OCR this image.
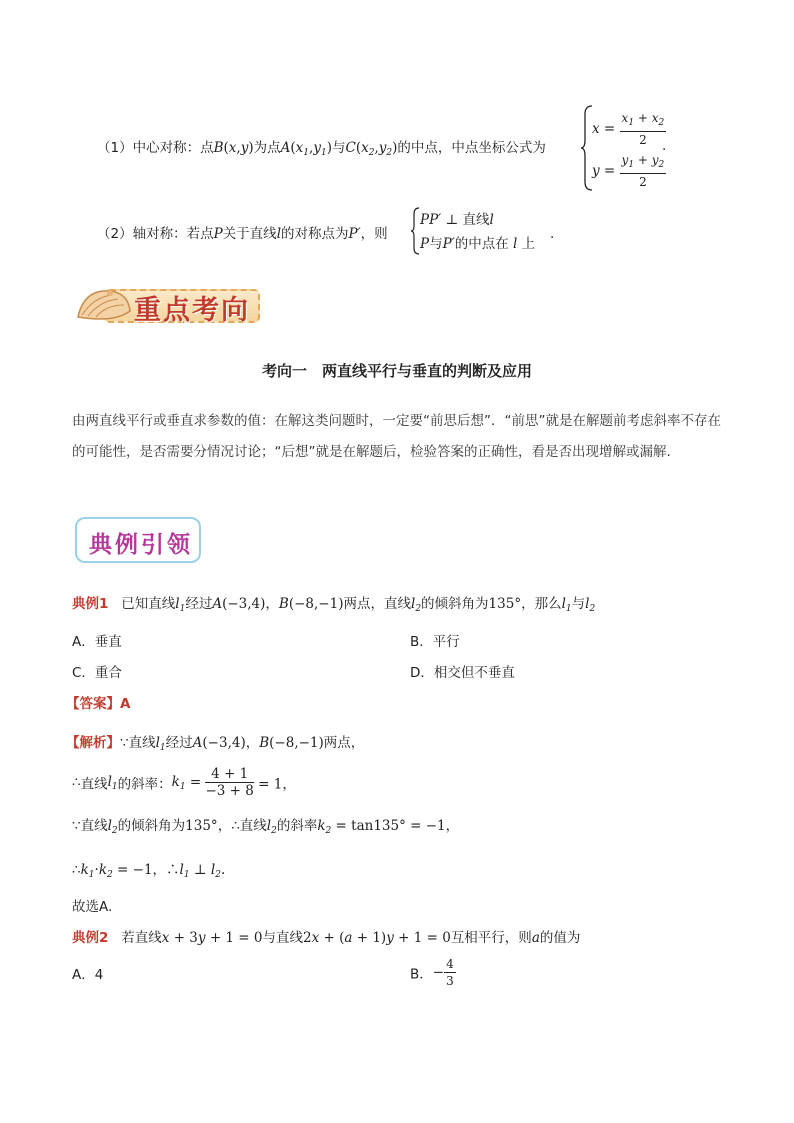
（1）中心对称：点B(x,y)为点$A(x_1,y_1)$与$C(x_2,y_2)$的中点，中点坐标公式为
$x = \frac{x_1 + x_2}{2}$
$y = \frac{y_1 + y_2}{2}$
.
（2）轴对称：若点P关于直线l的对称点为P′，则
PP′ ⊥ 直线l
P与P′的中点在 l 上
.
重点考向
考向一　两直线平行与垂直的判断及应用
由两直线平行或垂直求参数的值：在解这类问题时，一定要“前思后想”．“前思”就是在解题前考虑斜率不存在的可能性，是否需要分情况讨论；“后想”就是在解题后，检验答案的正确性，看是否出现增解或漏解.
典例引领
典例1 已知直线$l_1$经过A(−3,4)，B(−8,−1)两点，直线$l_2$的倾斜角为135°，那么$l_1$与$l_2$
A．垂直	B．平行
C．重合	D．相交但不垂直
【答案】A
【解析】∵直线$l_1$经过A(−3,4)，B(−8,−1)两点，
∴直线$l_1$的斜率：$k_1 = \frac{4 + 1}{-3 + 8} = 1$，
∵直线$l_2$的倾斜角为135°，∴直线$l_2$的斜率$k_2 = \tan 135^\circ = -1$，
$\therefore k_1\cdot k_2 = -1$，$\therefore l_1$ ⊥ $l_2$.
故选A.
典例2 若直线x + 3y + 1 = 0与直线2x + (a + 1)y + 1 = 0互相平行，则a的值为
A．4	B．− $\frac{4}{3}$
